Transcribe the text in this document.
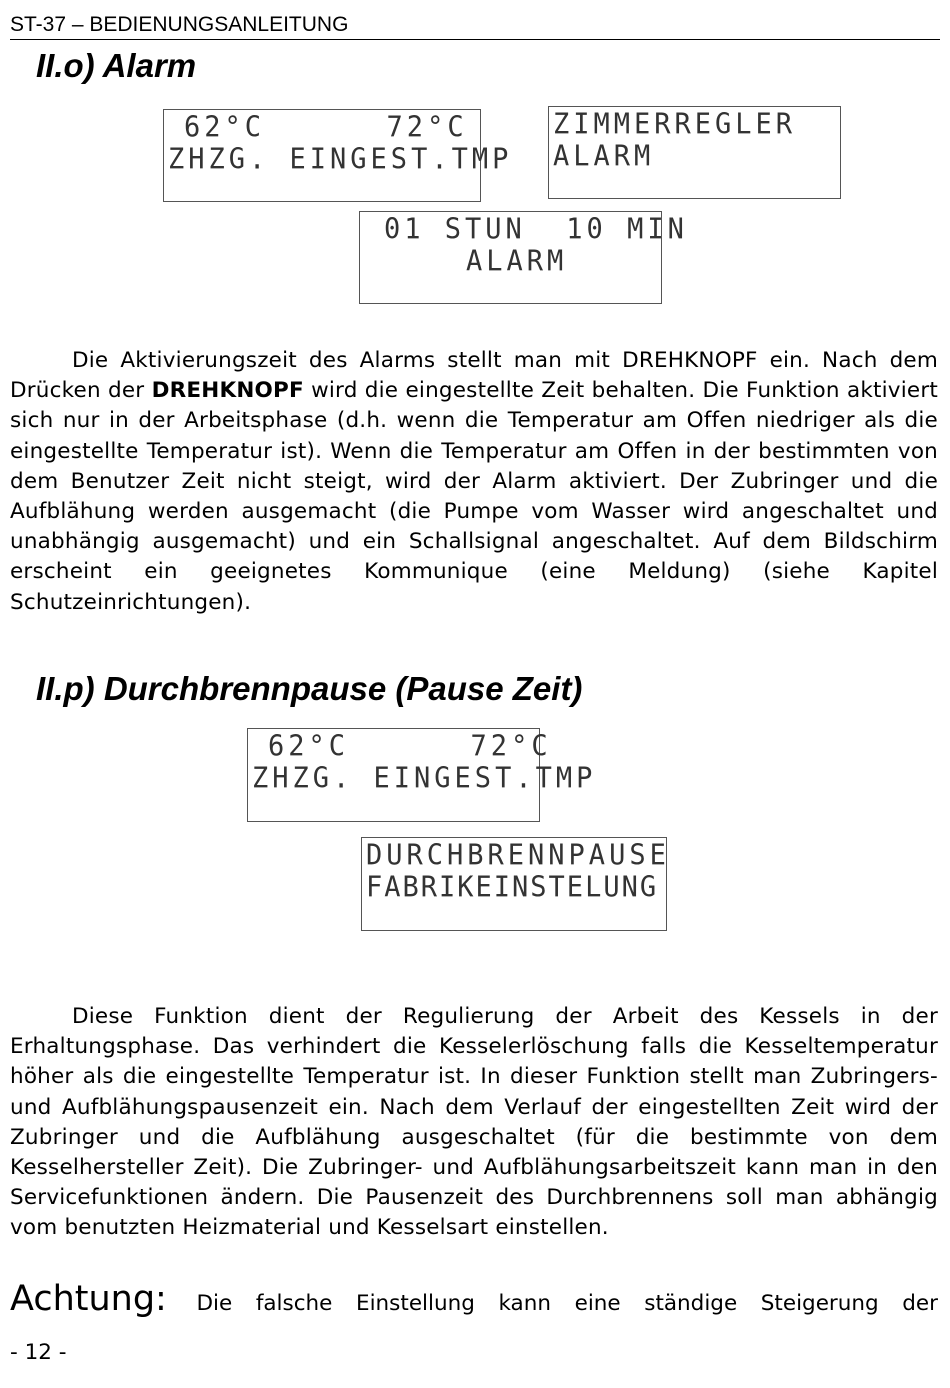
ST-37 – BEDIENUNGSANLEITUNG
II.o) Alarm
62°C      72°C
ZHZG. EINGEST.TMP
ZIMMERREGLER
ALARM
01 STUN  10 MIN
ALARM
Die Aktivierungszeit des Alarms stellt man mit DREHKNOPF ein. Nach dem Drücken der DREHKNOPF wird die eingestellte Zeit behalten. Die Funktion aktiviert sich nur in der Arbeitsphase (d.h. wenn die Temperatur am Offen niedriger als die eingestellte Temperatur ist). Wenn die Temperatur am Offen in der bestimmten von dem Benutzer Zeit nicht steigt, wird der Alarm aktiviert. Der Zubringer und die Aufblähung werden ausgemacht (die Pumpe vom Wasser wird angeschaltet und unabhängig ausgemacht) und ein Schallsignal angeschaltet. Auf dem Bildschirm erscheint ein geeignetes Kommunique (eine Meldung) (siehe Kapitel Schutzeinrichtungen).
II.p) Durchbrennpause (Pause Zeit)
62°C      72°C
ZHZG. EINGEST.TMP
DURCHBRENNPAUSE
FABRIKEINSTELUNG
Diese Funktion dient der Regulierung der Arbeit des Kessels in der Erhaltungsphase. Das verhindert die Kesselerlöschung falls die Kesseltemperatur höher als die eingestellte Temperatur ist. In dieser Funktion stellt man Zubringers- und Aufblähungspausenzeit ein. Nach dem Verlauf der eingestellten Zeit wird der Zubringer und die Aufblähung ausgeschaltet (für die bestimmte von dem Kesselhersteller Zeit). Die Zubringer- und Aufblähungsarbeitszeit kann man in den Servicefunktionen ändern. Die Pausenzeit des Durchbrennens soll man abhängig vom benutzten Heizmaterial und Kesselsart einstellen.
Achtung: Die falsche Einstellung kann eine ständige Steigerung der
- 12 -
